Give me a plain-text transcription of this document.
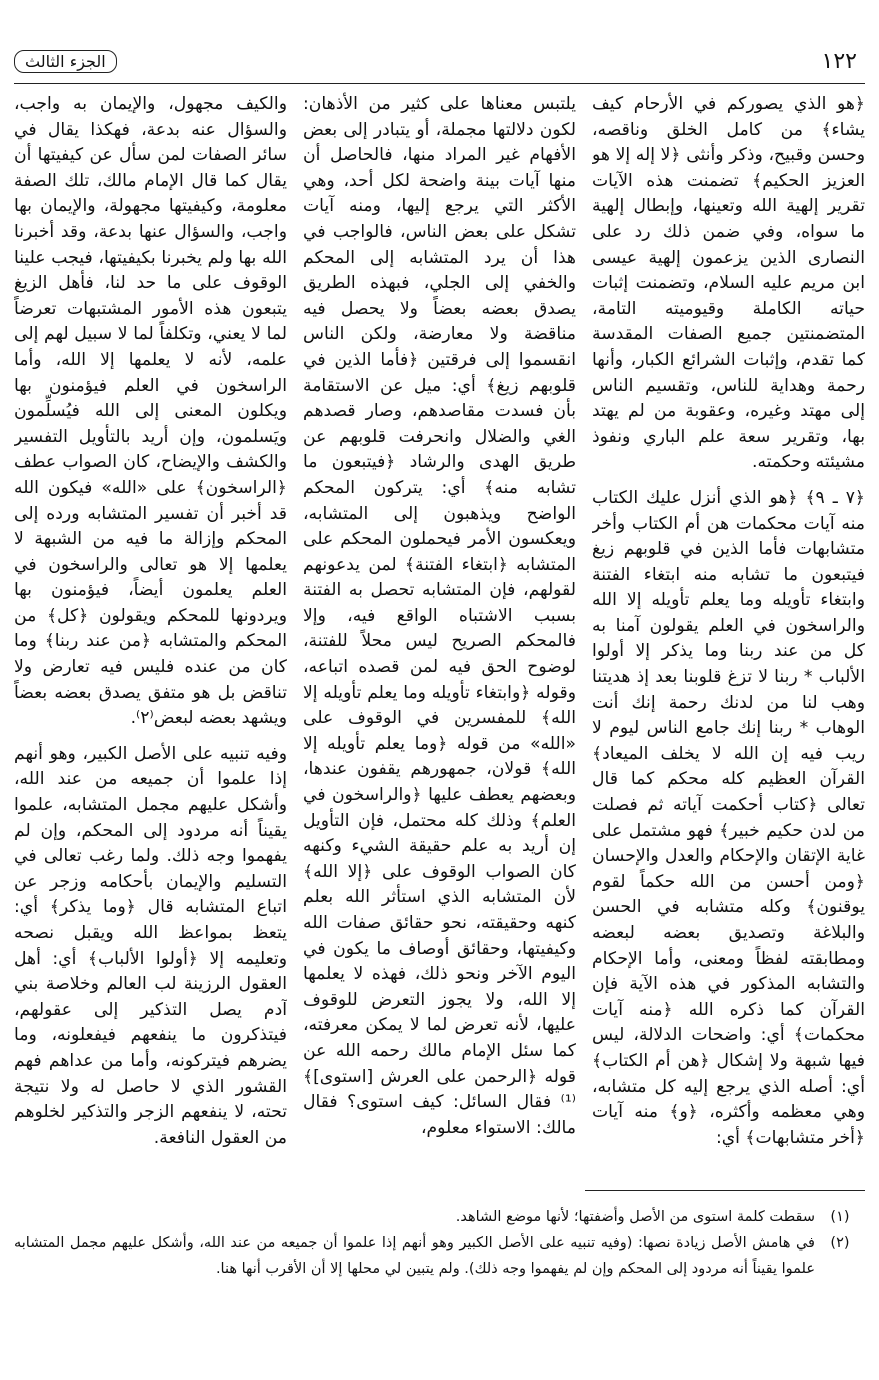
١٢٢
الجزء الثالث

﴿هو الذي يصوركم في الأرحام كيف يشاء﴾ من كامل الخلق وناقصه، وحسن وقبيح، وذكر وأنثى ﴿لا إله إلا هو العزيز الحكيم﴾ تضمنت هذه الآيات تقرير إلهية الله وتعينها، وإبطال إلهية ما سواه، وفي ضمن ذلك رد على النصارى الذين يزعمون إلهية عيسى ابن مريم عليه السلام، وتضمنت إثبات حياته الكاملة وقيوميته التامة، المتضمنتين جميع الصفات المقدسة كما تقدم، وإثبات الشرائع الكبار، وأنها رحمة وهداية للناس، وتقسيم الناس إلى مهتد وغيره، وعقوبة من لم يهتد بها، وتقرير سعة علم الباري ونفوذ مشيئته وحكمته.

﴿٧ ـ ٩﴾ ﴿هو الذي أنزل عليك الكتاب منه آيات محكمات هن أم الكتاب وأخر متشابهات فأما الذين في قلوبهم زيغ فيتبعون ما تشابه منه ابتغاء الفتنة وابتغاء تأويله وما يعلم تأويله إلا الله والراسخون في العلم يقولون آمنا به كل من عند ربنا وما يذكر إلا أولوا الألباب * ربنا لا تزغ قلوبنا بعد إذ هديتنا وهب لنا من لدنك رحمة إنك أنت الوهاب * ربنا إنك جامع الناس ليوم لا ريب فيه إن الله لا يخلف الميعاد﴾ القرآن العظيم كله محكم كما قال تعالى ﴿كتاب أحكمت آياته ثم فصلت من لدن حكيم خبير﴾ فهو مشتمل على غاية الإتقان والإحكام والعدل والإحسان ﴿ومن أحسن من الله حكماً لقوم يوقنون﴾ وكله متشابه في الحسن والبلاغة وتصديق بعضه لبعضه ومطابقته لفظاً ومعنى، وأما الإحكام والتشابه المذكور في هذه الآية فإن القرآن كما ذكره الله ﴿منه آيات محكمات﴾ أي: واضحات الدلالة، ليس فيها شبهة ولا إشكال ﴿هن أم الكتاب﴾ أي: أصله الذي يرجع إليه كل متشابه، وهي معظمه وأكثره، ﴿و﴾ منه آيات ﴿أخر متشابهات﴾ أي:

يلتبس معناها على كثير من الأذهان: لكون دلالتها مجملة، أو يتبادر إلى بعض الأفهام غير المراد منها، فالحاصل أن منها آيات بينة واضحة لكل أحد، وهي الأكثر التي يرجع إليها، ومنه آيات تشكل على بعض الناس، فالواجب في هذا أن يرد المتشابه إلى المحكم والخفي إلى الجلي، فبهذه الطريق يصدق بعضه بعضاً ولا يحصل فيه مناقضة ولا معارضة، ولكن الناس انقسموا إلى فرقتين ﴿فأما الذين في قلوبهم زيغ﴾ أي: ميل عن الاستقامة بأن فسدت مقاصدهم، وصار قصدهم الغي والضلال وانحرفت قلوبهم عن طريق الهدى والرشاد ﴿فيتبعون ما تشابه منه﴾ أي: يتركون المحكم الواضح ويذهبون إلى المتشابه، ويعكسون الأمر فيحملون المحكم على المتشابه ﴿ابتغاء الفتنة﴾ لمن يدعونهم لقولهم، فإن المتشابه تحصل به الفتنة بسبب الاشتباه الواقع فيه، وإلا فالمحكم الصريح ليس محلاً للفتنة، لوضوح الحق فيه لمن قصده اتباعه، وقوله ﴿وابتغاء تأويله وما يعلم تأويله إلا الله﴾ للمفسرين في الوقوف على «الله» من قوله ﴿وما يعلم تأويله إلا الله﴾ قولان، جمهورهم يقفون عندها، وبعضهم يعطف عليها ﴿والراسخون في العلم﴾ وذلك كله محتمل، فإن التأويل إن أريد به علم حقيقة الشيء وكنهه كان الصواب الوقوف على ﴿إلا الله﴾ لأن المتشابه الذي استأثر الله بعلم كنهه وحقيقته، نحو حقائق صفات الله وكيفيتها، وحقائق أوصاف ما يكون في اليوم الآخر ونحو ذلك، فهذه لا يعلمها إلا الله، ولا يجوز التعرض للوقوف عليها، لأنه تعرض لما لا يمكن معرفته، كما سئل الإمام مالك رحمه الله عن قوله ﴿الرحمن على العرش [استوى]﴾⁽¹⁾ فقال السائل: كيف استوى؟ فقال مالك: الاستواء معلوم،

والكيف مجهول، والإيمان به واجب، والسؤال عنه بدعة، فهكذا يقال في سائر الصفات لمن سأل عن كيفيتها أن يقال كما قال الإمام مالك، تلك الصفة معلومة، وكيفيتها مجهولة، والإيمان بها واجب، والسؤال عنها بدعة، وقد أخبرنا الله بها ولم يخبرنا بكيفيتها، فيجب علينا الوقوف على ما حد لنا، فأهل الزيغ يتبعون هذه الأمور المشتبهات تعرضاً لما لا يعني، وتكلفاً لما لا سبيل لهم إلى علمه، لأنه لا يعلمها إلا الله، وأما الراسخون في العلم فيؤمنون بها ويكلون المعنى إلى الله فيُسلِّمون ويَسلمون، وإن أريد بالتأويل التفسير والكشف والإيضاح، كان الصواب عطف ﴿الراسخون﴾ على «الله» فيكون الله قد أخبر أن تفسير المتشابه ورده إلى المحكم وإزالة ما فيه من الشبهة لا يعلمها إلا هو تعالى والراسخون في العلم يعلمون أيضاً، فيؤمنون بها ويردونها للمحكم ويقولون ﴿كل﴾ من المحكم والمتشابه ﴿من عند ربنا﴾ وما كان من عنده فليس فيه تعارض ولا تناقض بل هو متفق يصدق بعضه بعضاً ويشهد بعضه لبعض⁽٢⁾.

وفيه تنبيه على الأصل الكبير، وهو أنهم إذا علموا أن جميعه من عند الله، وأشكل عليهم مجمل المتشابه، علموا يقيناً أنه مردود إلى المحكم، وإن لم يفهموا وجه ذلك. ولما رغب تعالى في التسليم والإيمان بأحكامه وزجر عن اتباع المتشابه قال ﴿وما يذكر﴾ أي: يتعظ بمواعظ الله ويقبل نصحه وتعليمه إلا ﴿أولوا الألباب﴾ أي: أهل العقول الرزينة لب العالم وخلاصة بني آدم يصل التذكير إلى عقولهم، فيتذكرون ما ينفعهم فيفعلونه، وما يضرهم فيتركونه، وأما من عداهم فهم القشور الذي لا حاصل له ولا نتيجة تحته، لا ينفعهم الزجر والتذكير لخلوهم من العقول النافعة.

(١)
سقطت كلمة استوى من الأصل وأضفتها؛ لأنها موضع الشاهد.
(٢)
في هامش الأصل زيادة نصها: (وفيه تنبيه على الأصل الكبير وهو أنهم إذا علموا أن جميعه من عند الله، وأشكل عليهم مجمل المتشابه علموا يقيناً أنه مردود إلى المحكم وإن لم يفهموا وجه ذلك). ولم يتبين لي محلها إلا أن الأقرب أنها هنا.
